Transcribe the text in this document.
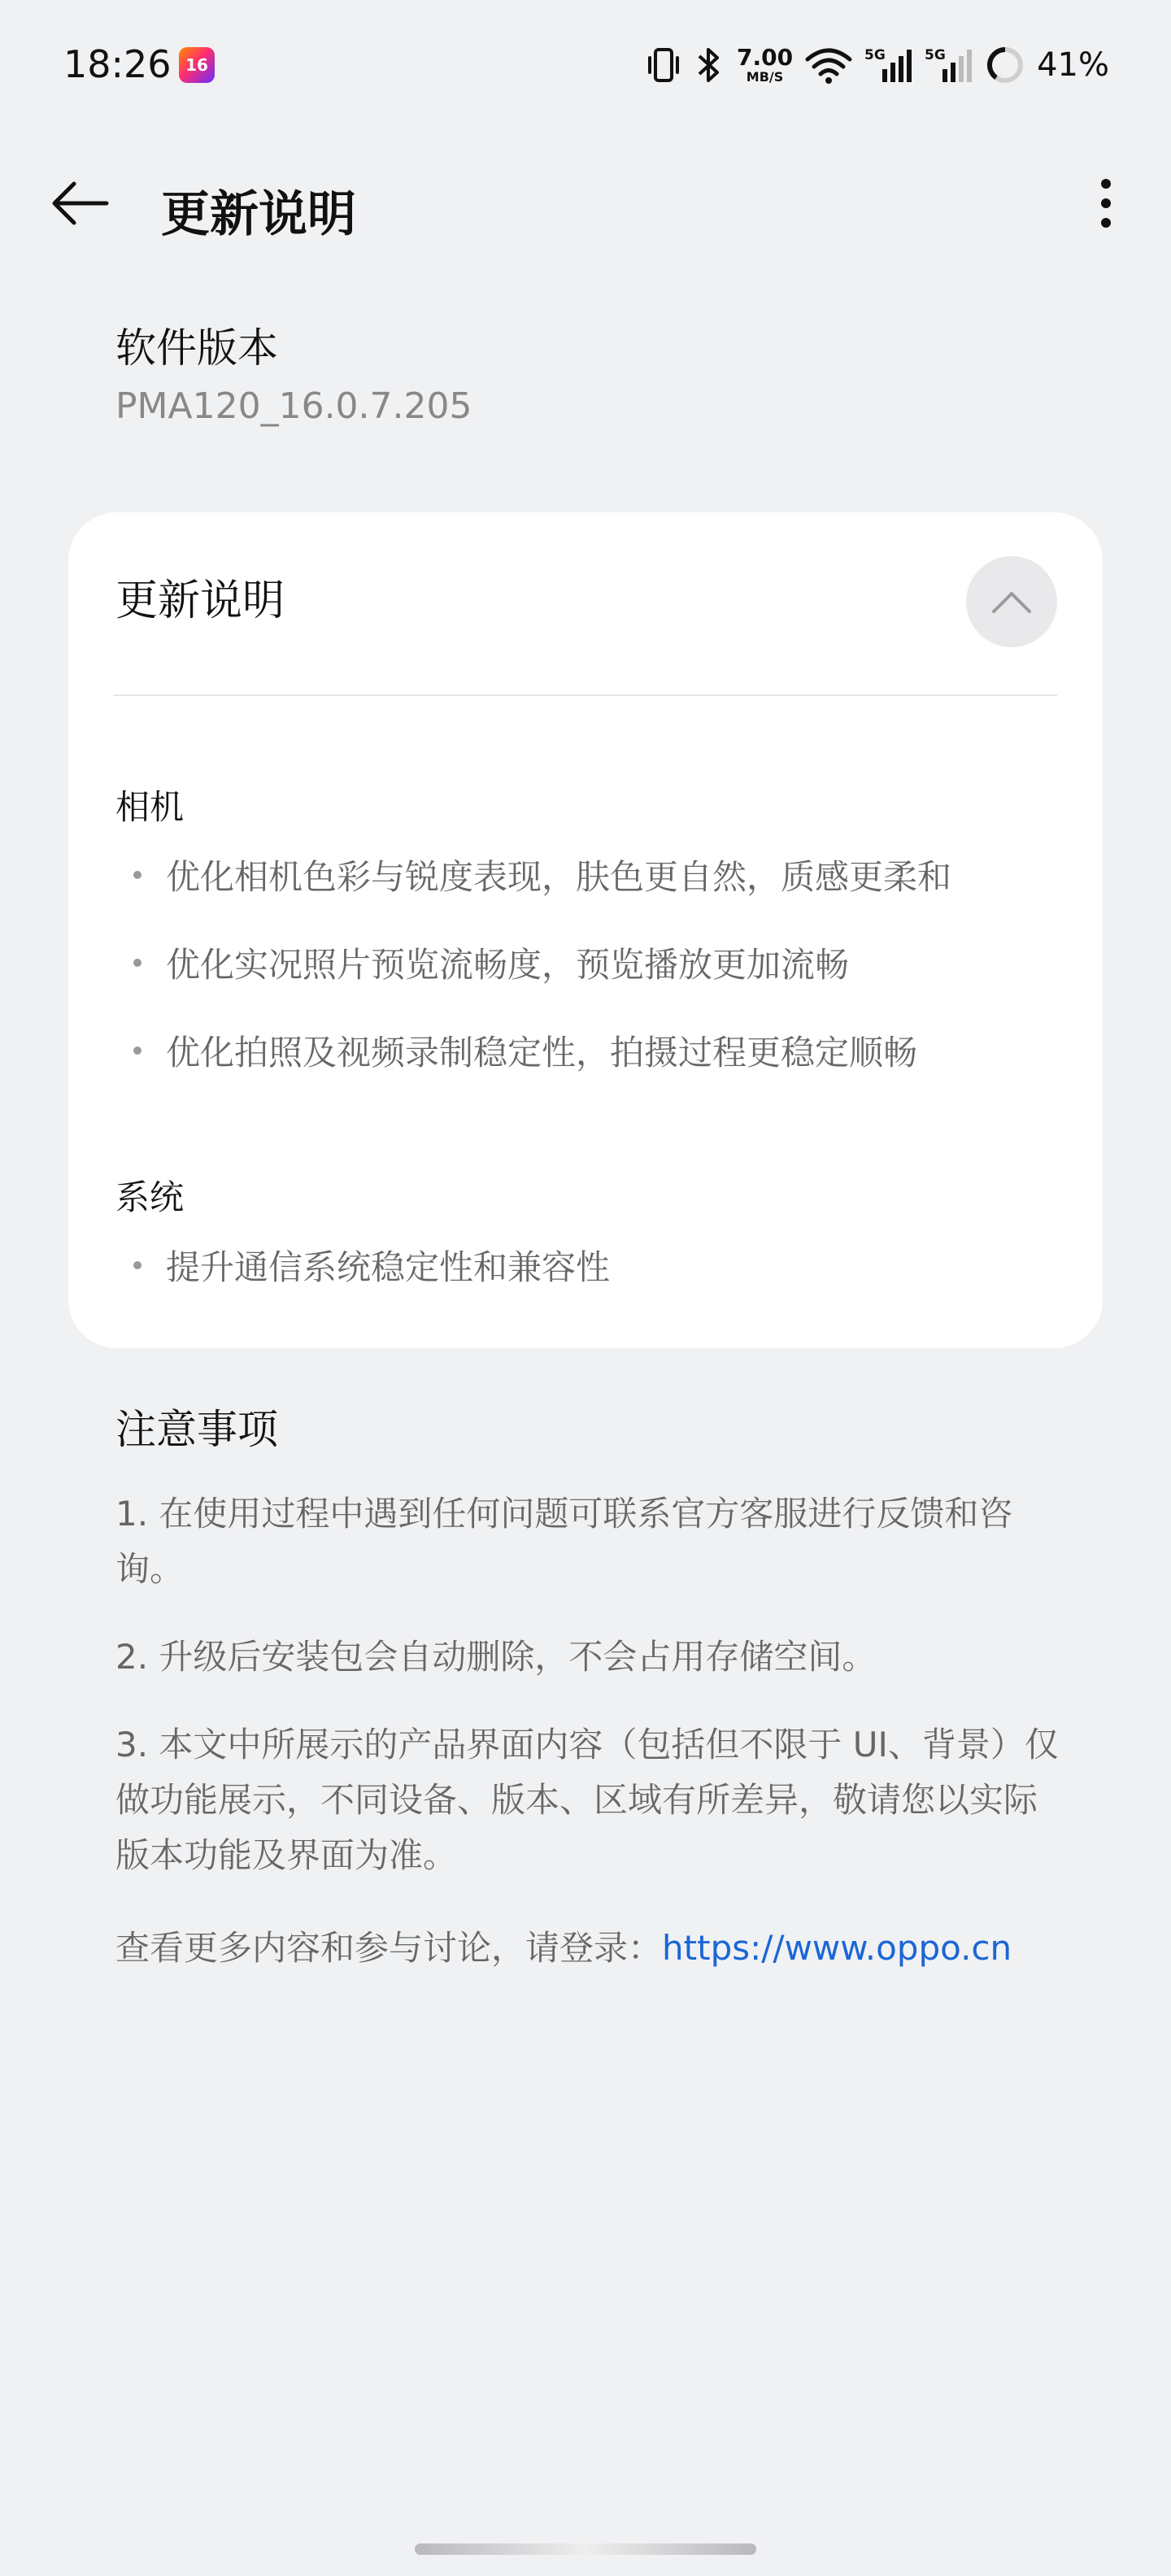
18:26 16	7.00
MB/S
5G	5G	41%
更新说明
软件版本
PMA120_16.0.7.205
更新说明
相机
优化相机色彩与锐度表现，肤色更自然，质感更柔和
优化实况照片预览流畅度，预览播放更加流畅
优化拍照及视频录制稳定性，拍摄过程更稳定顺畅
系统
提升通信系统稳定性和兼容性
注意事项

1. 在使用过程中遇到任何问题可联系官方客服进行反馈和咨询。

2. 升级后安装包会自动删除，不会占用存储空间。

3. 本文中所展示的产品界面内容（包括但不限于 UI、背景）仅做功能展示，不同设备、版本、区域有所差异，敬请您以实际版本功能及界面为准。

查看更多内容和参与讨论，请登录：https://www.oppo.cn
